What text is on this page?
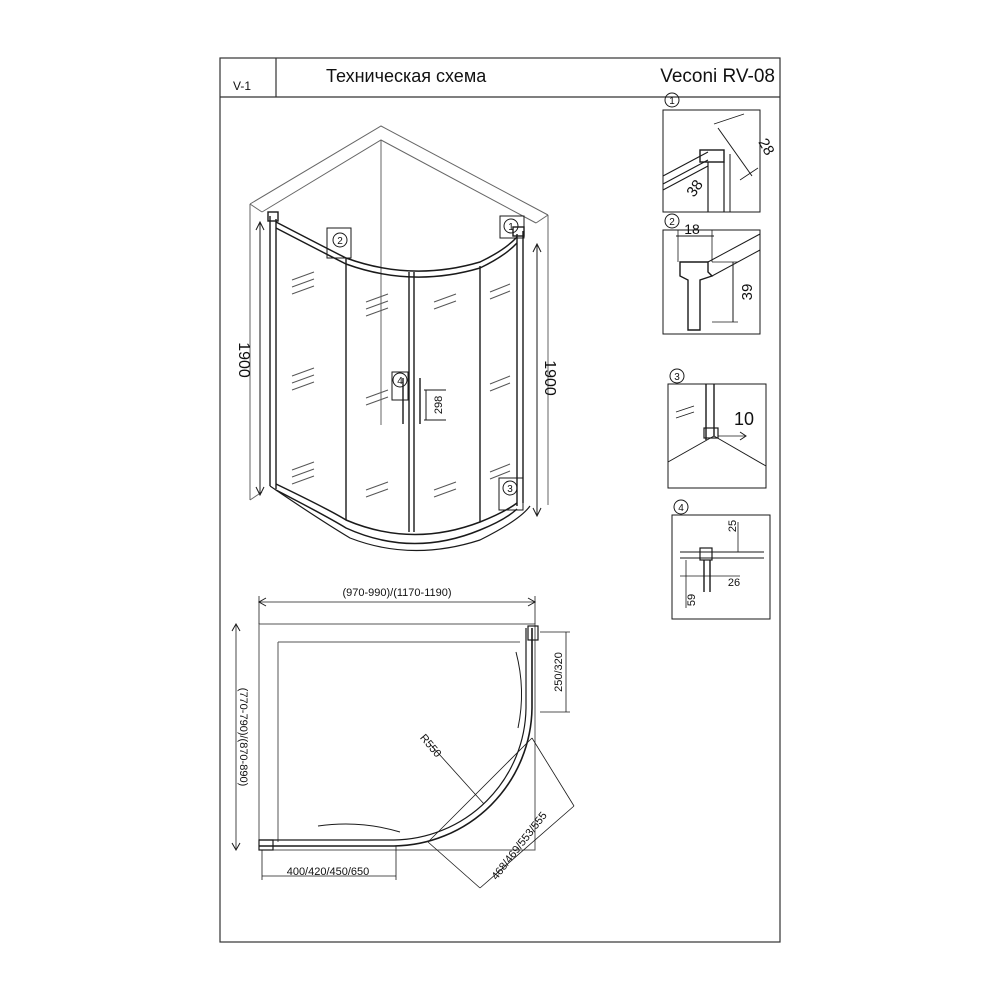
V-1	Техническая схема	Veconi RV-08
1900
1900
298
2
1
4
3
1
28
38
2 18
39
3
10
4
25
26
59
(970-990)/(1170-1190)
(770-790)/(870-890)
250/320
R550
400/420/450/650	468/469/553/555
